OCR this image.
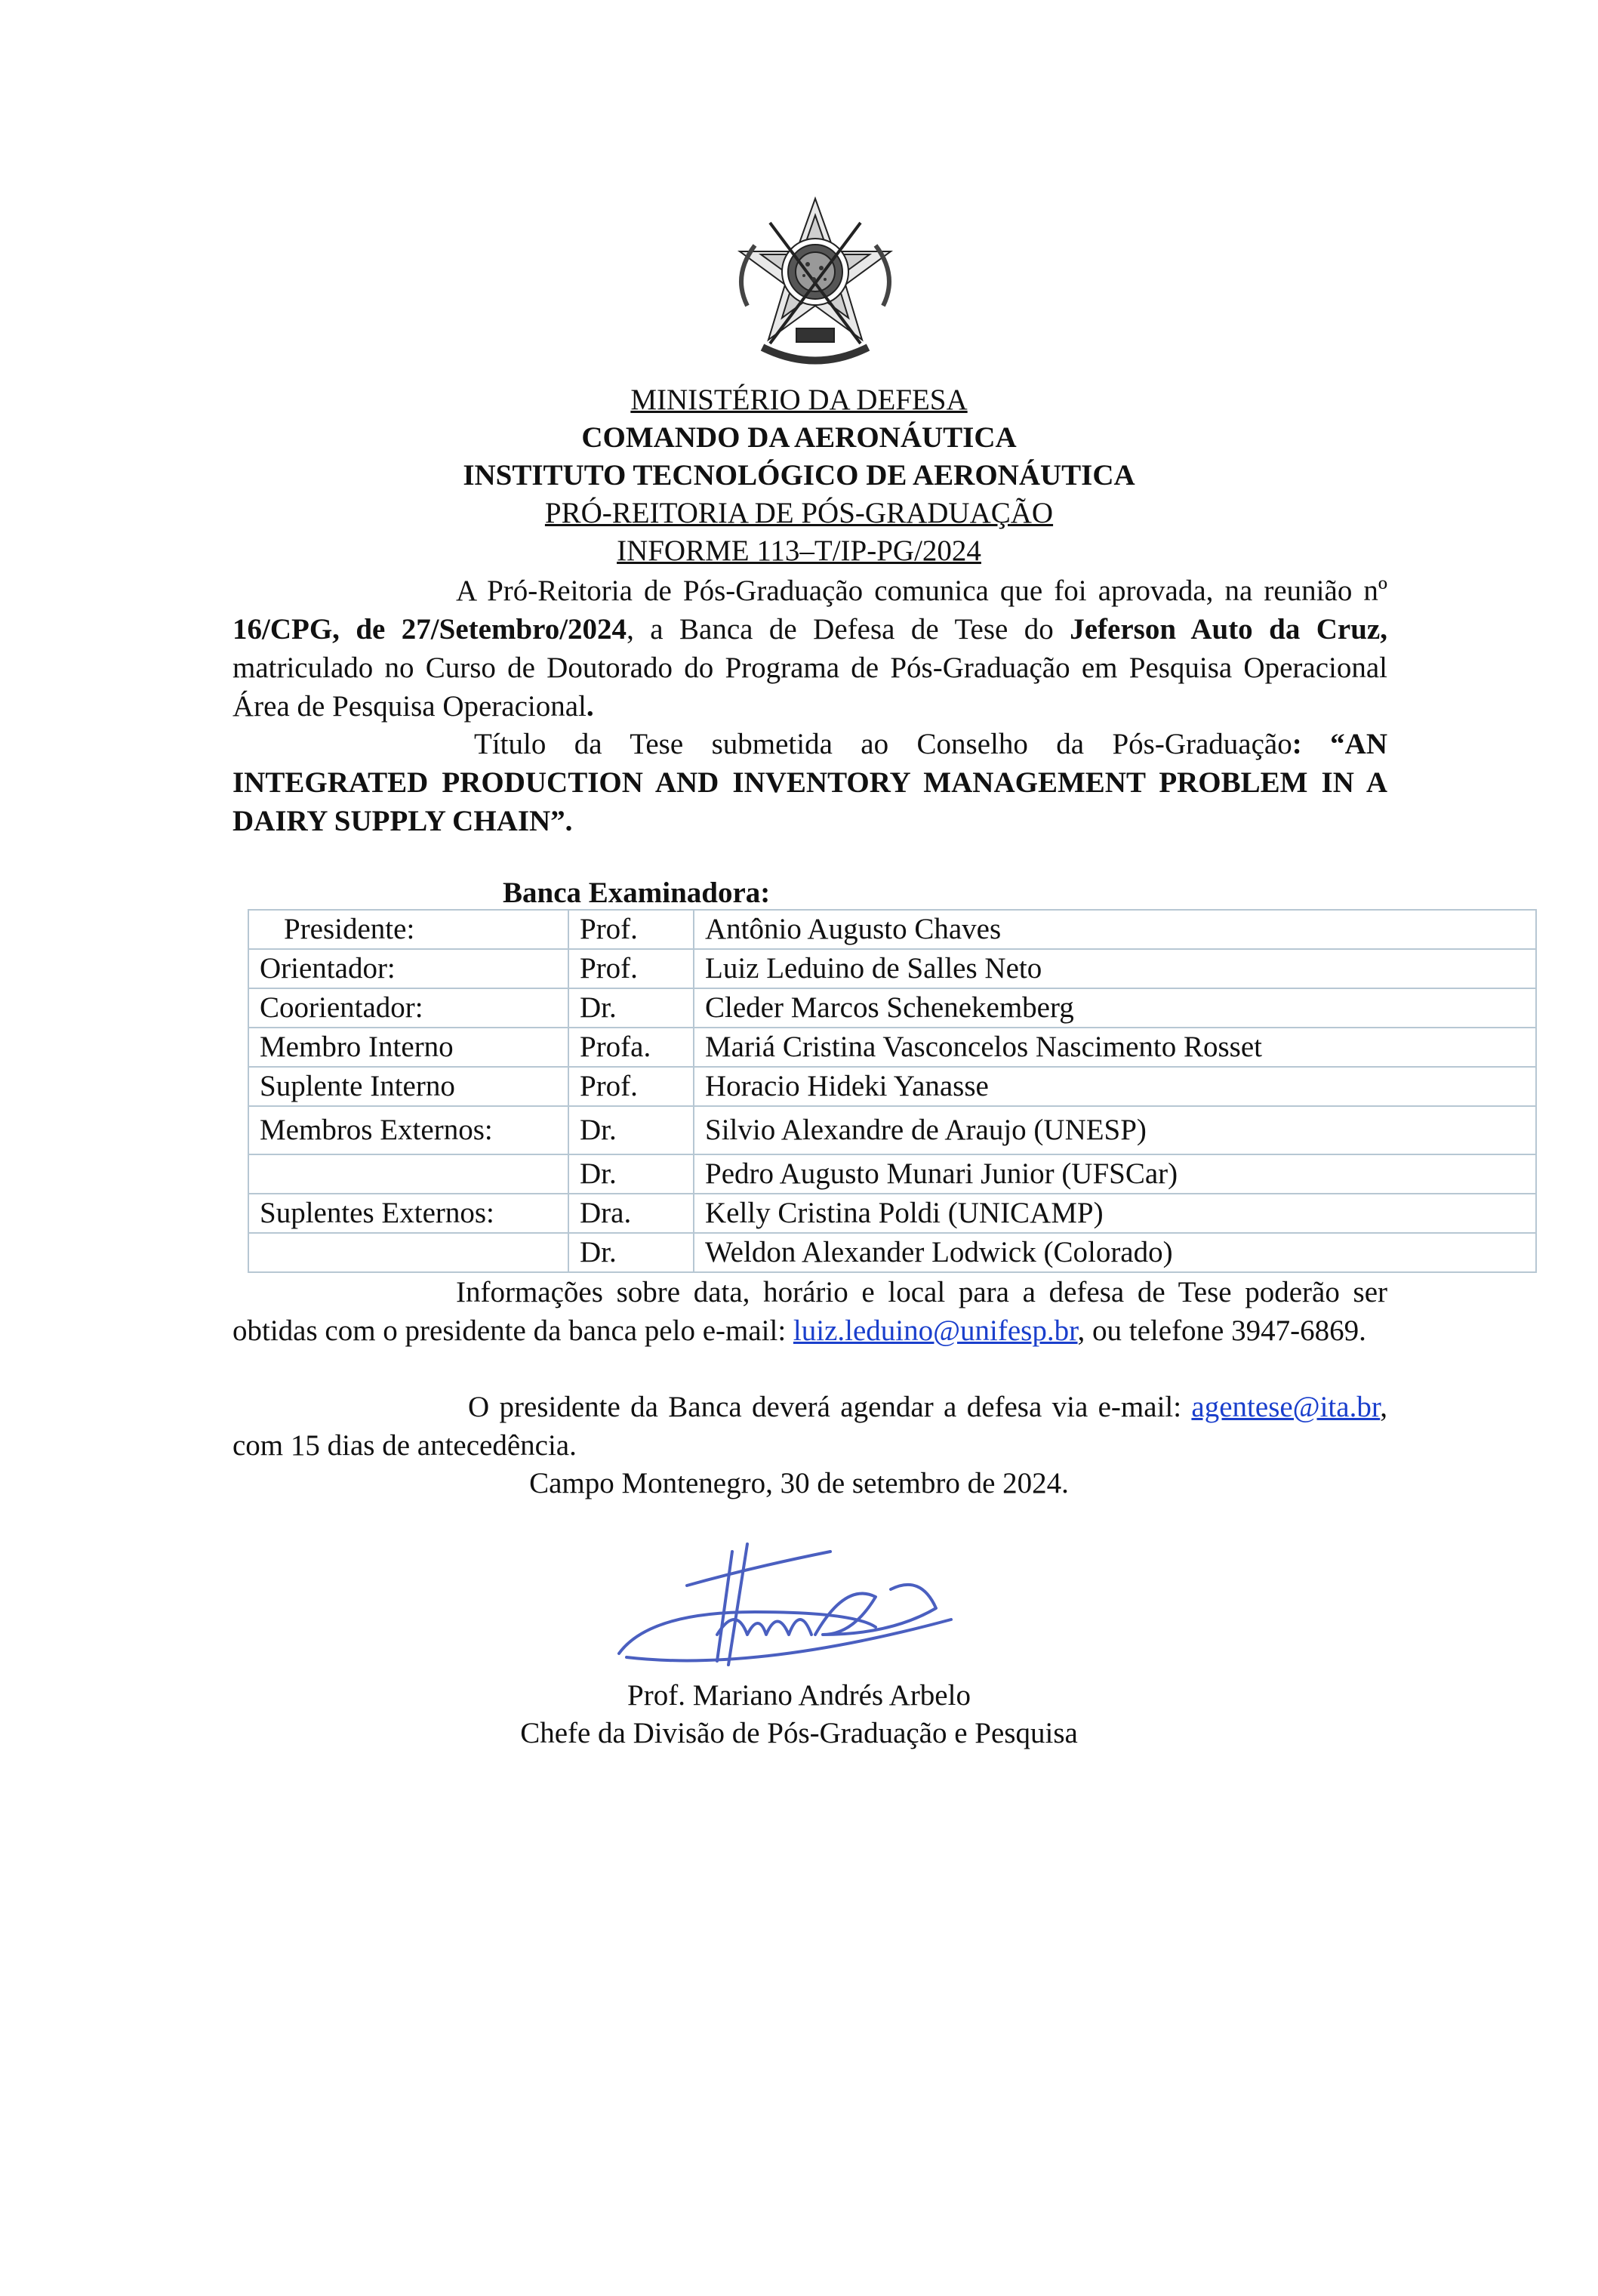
MINISTÉRIO DA DEFESA
COMANDO DA AERONÁUTICA
INSTITUTO TECNOLÓGICO DE AERONÁUTICA
PRÓ-REITORIA DE PÓS-GRADUAÇÃO
INFORME 113–T/IP-PG/2024
A Pró-Reitoria de Pós-Graduação comunica que foi aprovada, na reunião nº 16/CPG, de 27/Setembro/2024, a Banca de Defesa de Tese do Jeferson Auto da Cruz, matriculado no Curso de Doutorado do Programa de Pós-Graduação em Pesquisa Operacional Área de Pesquisa Operacional.
Título da Tese submetida ao Conselho da Pós-Graduação: “AN INTEGRATED PRODUCTION AND INVENTORY MANAGEMENT PROBLEM IN A DAIRY SUPPLY CHAIN”.
Banca Examinadora:
Presidente:	Prof.	Antônio Augusto Chaves
Orientador:	Prof.	Luiz Leduino de Salles Neto
Coorientador:	Dr.	Cleder Marcos Schenekemberg
Membro Interno	Profa.	Mariá Cristina Vasconcelos Nascimento Rosset
Suplente Interno	Prof.	Horacio Hideki Yanasse
Membros Externos:	Dr.	Silvio Alexandre de Araujo (UNESP)
	Dr.	Pedro Augusto Munari Junior (UFSCar)
Suplentes Externos:	Dra.	Kelly Cristina Poldi (UNICAMP)
	Dr.	Weldon Alexander Lodwick (Colorado)
Informações sobre data, horário e local para a defesa de Tese poderão ser obtidas com o presidente da banca pelo e-mail: luiz.leduino@unifesp.br, ou telefone 3947-6869.
O presidente da Banca deverá agendar a defesa via e-mail: agentese@ita.br, com 15 dias de antecedência.
Campo Montenegro, 30 de setembro de 2024.
Prof. Mariano Andrés Arbelo
Chefe da Divisão de Pós-Graduação e Pesquisa
